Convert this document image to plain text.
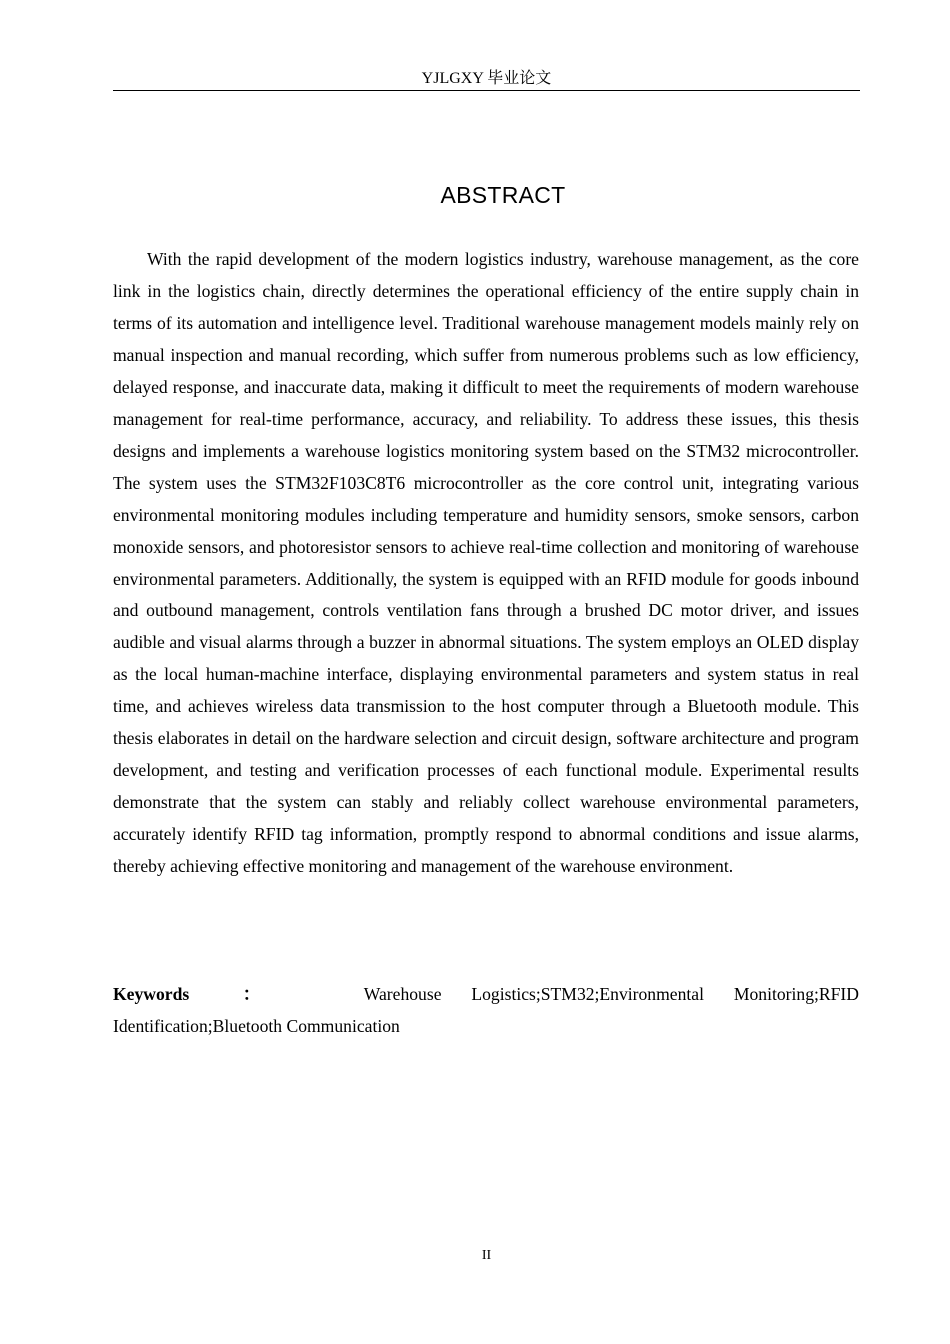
YJLGXY 毕业论文
ABSTRACT

With the rapid development of the modern logistics industry, warehouse management, as the core link in the logistics chain, directly determines the operational efficiency of the entire supply chain in terms of its automation and intelligence level. Traditional warehouse management models mainly rely on manual inspection and manual recording, which suffer from numerous problems such as low efficiency, delayed response, and inaccurate data, making it difficult to meet the requirements of modern warehouse management for real-time performance, accuracy, and reliability. To address these issues, this thesis designs and implements a warehouse logistics monitoring system based on the STM32 microcontroller. The system uses the STM32F103C8T6 microcontroller as the core control unit, integrating various environmental monitoring modules including temperature and humidity sensors, smoke sensors, carbon monoxide sensors, and photoresistor sensors to achieve real-time collection and monitoring of warehouse environmental parameters. Additionally, the system is equipped with an RFID module for goods inbound and outbound management, controls ventilation fans through a brushed DC motor driver, and issues audible and visual alarms through a buzzer in abnormal situations. The system employs an OLED display as the local human-machine interface, displaying environmental parameters and system status in real time, and achieves wireless data transmission to the host computer through a Bluetooth module. This thesis elaborates in detail on the hardware selection and circuit design, software architecture and program development, and testing and verification processes of each functional module. Experimental results demonstrate that the system can stably and reliably collect warehouse environmental parameters, accurately identify RFID tag information, promptly respond to abnormal conditions and issue alarms, thereby achieving effective monitoring and management of the warehouse environment.

Keywords ：	Warehouse Logistics;STM32;Environmental Monitoring;RFID Identification;Bluetooth Communication

II
